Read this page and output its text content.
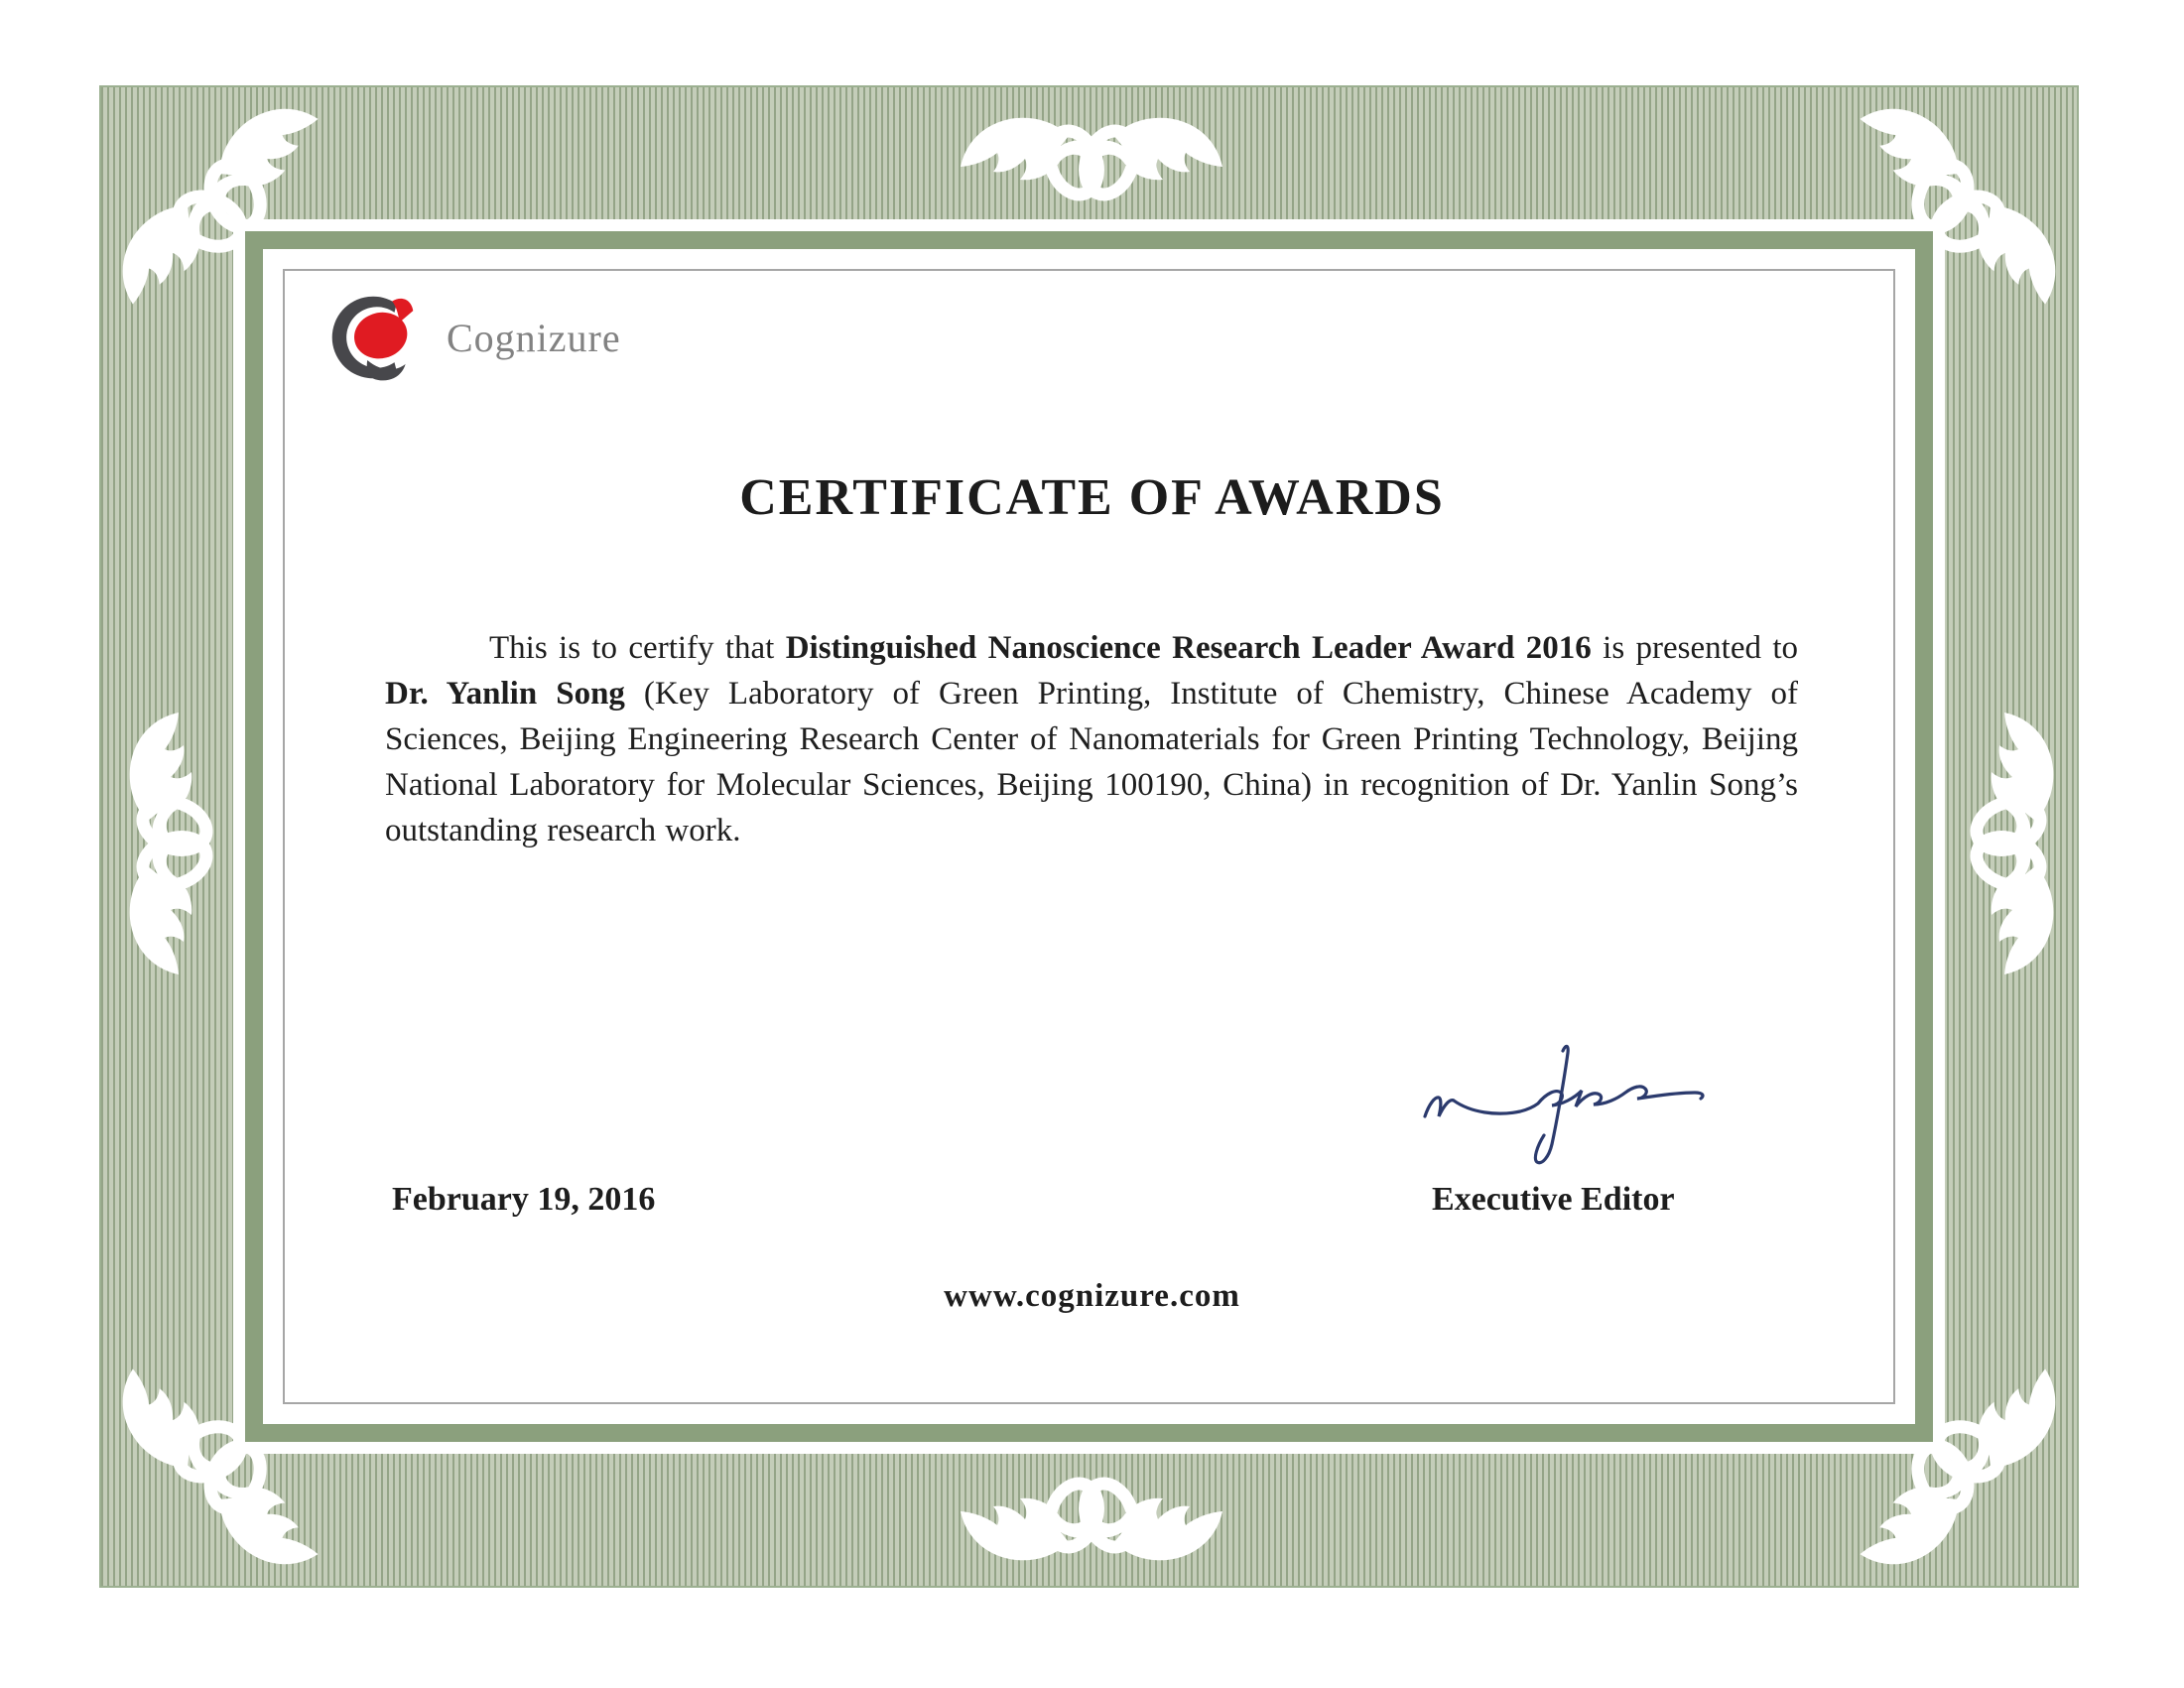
Cognizure
CERTIFICATE OF AWARDS

This is to certify that Distinguished Nanoscience Research Leader Award 2016 is presented to Dr. Yanlin Song (Key Laboratory of Green Printing, Institute of Chemistry, Chinese Academy of Sciences, Beijing Engineering Research Center of Nanomaterials for Green Printing Technology, Beijing National Laboratory for Molecular Sciences, Beijing 100190, China) in recognition of Dr. Yanlin Song’s outstanding research work.

February 19, 2016	Executive Editor
www.cognizure.com
